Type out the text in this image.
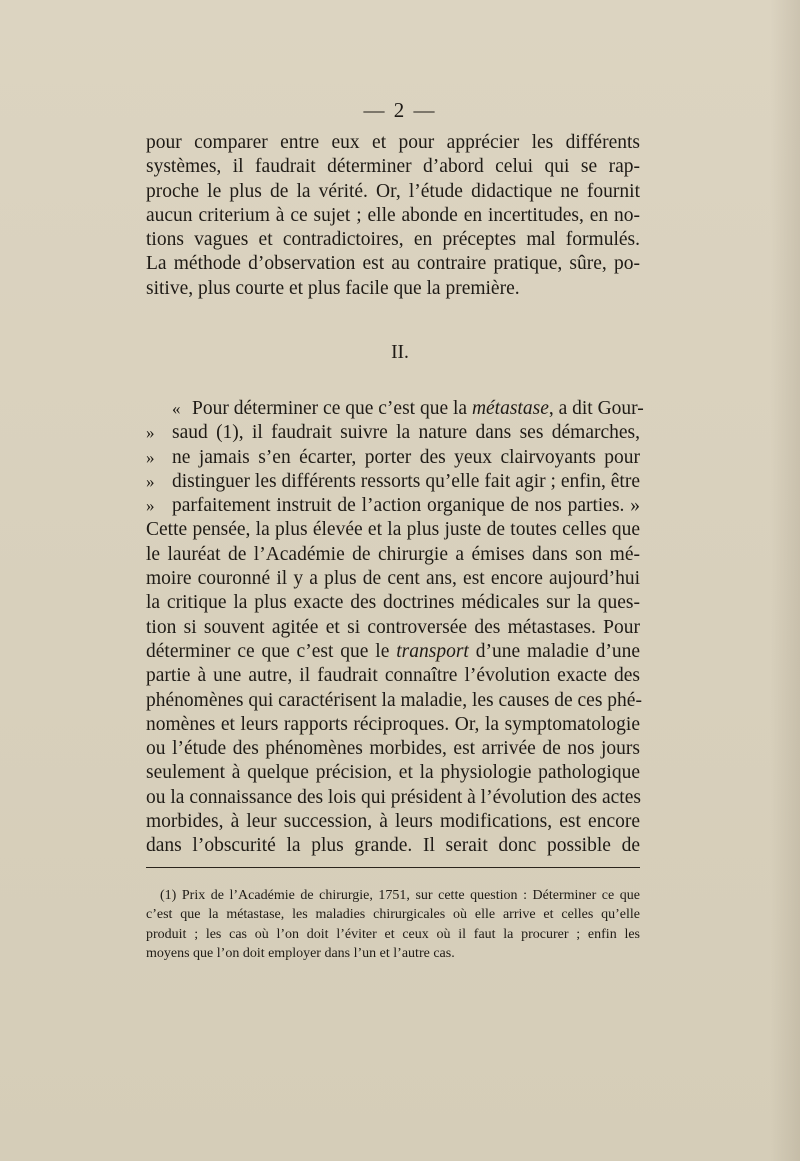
— 2 —
pour comparer entre eux et pour apprécier les différents
systèmes, il faudrait déterminer d’abord celui qui se rap-
proche le plus de la vérité. Or, l’étude didactique ne fournit
aucun criterium à ce sujet ; elle abonde en incertitudes, en no-
tions vagues et contradictoires, en préceptes mal formulés.
La méthode d’observation est au contraire pratique, sûre, po-
sitive, plus courte et plus facile que la première.
II.
« Pour déterminer ce que c’est que la métastase, a dit Gour-
» saud (1), il faudrait suivre la nature dans ses démarches,
» ne jamais s’en écarter, porter des yeux clairvoyants pour
» distinguer les différents ressorts qu’elle fait agir ; enfin, être
» parfaitement instruit de l’action organique de nos parties. »
Cette pensée, la plus élevée et la plus juste de toutes celles que
le lauréat de l’Académie de chirurgie a émises dans son mé-
moire couronné il y a plus de cent ans, est encore aujourd’hui
la critique la plus exacte des doctrines médicales sur la ques-
tion si souvent agitée et si controversée des métastases. Pour
déterminer ce que c’est que le transport d’une maladie d’une
partie à une autre, il faudrait connaître l’évolution exacte des
phénomènes qui caractérisent la maladie, les causes de ces phé-
nomènes et leurs rapports réciproques. Or, la symptomatologie
ou l’étude des phénomènes morbides, est arrivée de nos jours
seulement à quelque précision, et la physiologie pathologique
ou la connaissance des lois qui président à l’évolution des actes
morbides, à leur succession, à leurs modifications, est encore
dans l’obscurité la plus grande. Il serait donc possible de
(1) Prix de l’Académie de chirurgie, 1751, sur cette question : Déterminer ce que
c’est que la métastase, les maladies chirurgicales où elle arrive et celles qu’elle
produit ; les cas où l’on doit l’éviter et ceux où il faut la procurer ; enfin les
moyens que l’on doit employer dans l’un et l’autre cas.
